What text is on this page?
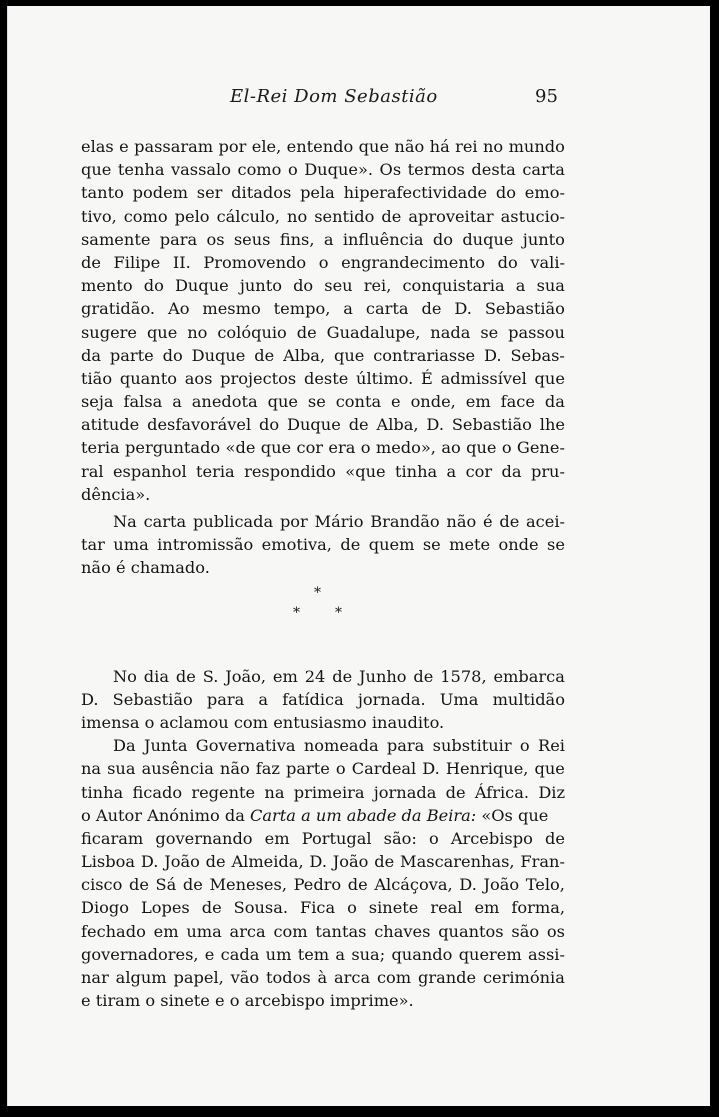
El-Rei Dom Sebastião	95
elas e passaram por ele, entendo que não há rei no mundo
que tenha vassalo como o Duque». Os termos desta carta
tanto podem ser ditados pela hiperafectividade do emo-
tivo, como pelo cálculo, no sentido de aproveitar astucio-
samente para os seus fins, a influência do duque junto
de Filipe II. Promovendo o engrandecimento do vali-
mento do Duque junto do seu rei, conquistaria a sua
gratidão. Ao mesmo tempo, a carta de D. Sebastião
sugere que no colóquio de Guadalupe, nada se passou
da parte do Duque de Alba, que contrariasse D. Sebas-
tião quanto aos projectos deste último. É admissível que
seja falsa a anedota que se conta e onde, em face da
atitude desfavorável do Duque de Alba, D. Sebastião lhe
teria perguntado «de que cor era o medo», ao que o Gene-
ral espanhol teria respondido «que tinha a cor da pru-
dência».
Na carta publicada por Mário Brandão não é de acei-
tar uma intromissão emotiva, de quem se mete onde se
não é chamado.
*
*	*
No dia de S. João, em 24 de Junho de 1578, embarca
D. Sebastião para a fatídica jornada. Uma multidão
imensa o aclamou com entusiasmo inaudito.
Da Junta Governativa nomeada para substituir o Rei
na sua ausência não faz parte o Cardeal D. Henrique, que
tinha ficado regente na primeira jornada de África. Diz
o Autor Anónimo da
Carta a um abade da Beira:
«Os que
ficaram governando em Portugal são: o Arcebispo de
Lisboa D. João de Almeida, D. João de Mascarenhas, Fran-
cisco de Sá de Meneses, Pedro de Alcáçova, D. João Telo,
Diogo Lopes de Sousa. Fica o sinete real em forma,
fechado em uma arca com tantas chaves quantos são os
governadores, e cada um tem a sua; quando querem assi-
nar algum papel, vão todos à arca com grande cerimónia
e tiram o sinete e o arcebispo imprime».
